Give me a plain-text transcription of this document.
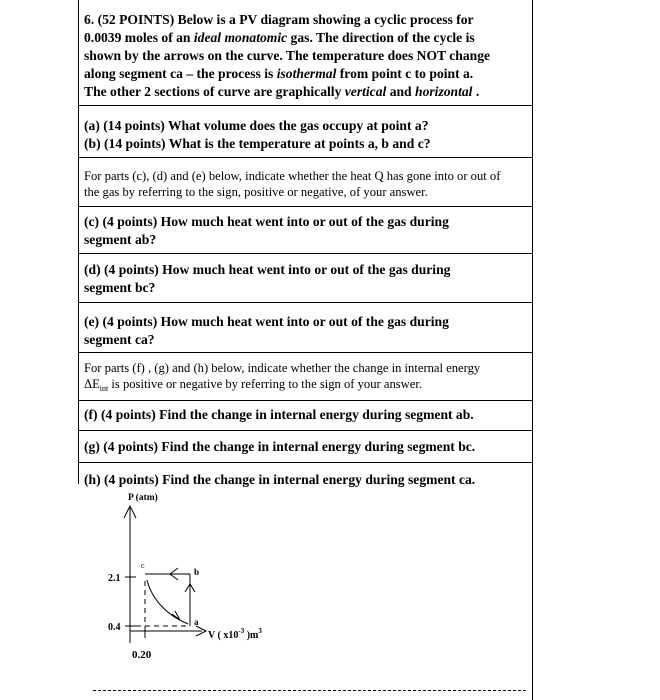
6. (52 POINTS) Below is a PV diagram showing a cyclic process for
0.0039 moles of an ideal monatomic gas. The direction of the cycle is
shown by the arrows on the curve. The temperature does NOT change
along segment ca – the process is isothermal from point c to point a.
The other 2 sections of curve are graphically vertical and horizontal .
(a) (14 points) What volume does the gas occupy at point a?
(b) (14 points) What is the temperature at points a, b and c?
For parts (c), (d) and (e) below, indicate whether the heat Q has gone into or out of
the gas by referring to the sign, positive or negative, of your answer.
(c) (4 points) How much heat went into or out of the gas during
segment ab?
(d) (4 points) How much heat went into or out of the gas during
segment bc?
(e) (4 points) How much heat went into or out of the gas during
segment ca?
For parts (f) , (g) and (h) below, indicate whether the change in internal energy
$\Delta E_{int}$ is positive or negative by referring to the sign of your answer.
(f) (4 points) Find the change in internal energy during segment ab.
(g) (4 points) Find the change in internal energy during segment bc.
(h) (4 points) Find the change in internal energy during segment ca.
P (atm)
V ( $x10^{-3}$ )$m^3$
2.1
0.4
0.20
c
b
a
